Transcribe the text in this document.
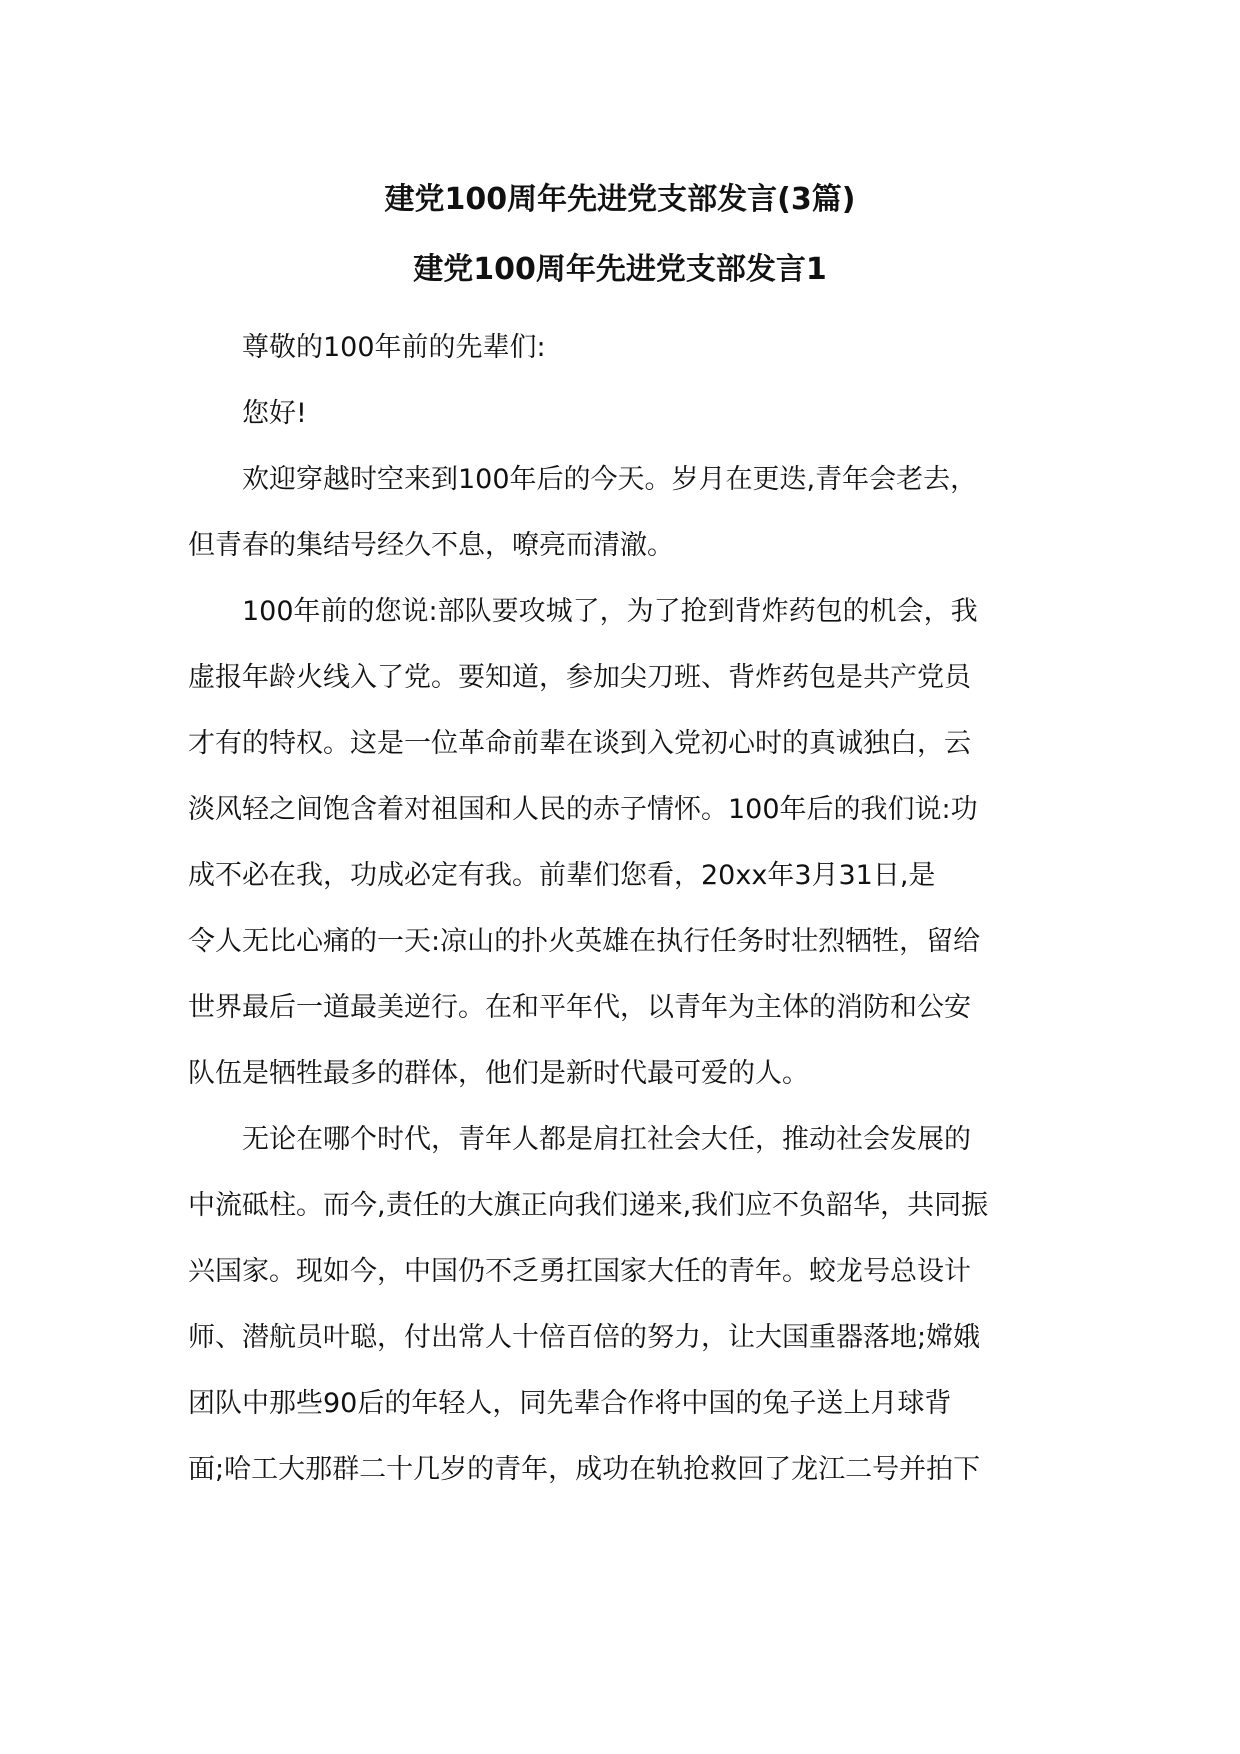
建党100周年先进党支部发言(3篇)
建党100周年先进党支部发言1

尊敬的100年前的先辈们:

您好!

欢迎穿越时空来到100年后的今天。岁月在更迭,青年会老去，
但青春的集结号经久不息，嘹亮而清澈。

100年前的您说:部队要攻城了，为了抢到背炸药包的机会，我
虚报年龄火线入了党。要知道，参加尖刀班、背炸药包是共产党员
才有的特权。这是一位革命前辈在谈到入党初心时的真诚独白，云
淡风轻之间饱含着对祖国和人民的赤子情怀。100年后的我们说:功
成不必在我，功成必定有我。前辈们您看，20xx年3月31日,是
令人无比心痛的一天:凉山的扑火英雄在执行任务时壮烈牺牲，留给
世界最后一道最美逆行。在和平年代，以青年为主体的消防和公安
队伍是牺牲最多的群体，他们是新时代最可爱的人。

无论在哪个时代，青年人都是肩扛社会大任，推动社会发展的
中流砥柱。而今,责任的大旗正向我们递来,我们应不负韶华，共同振
兴国家。现如今，中国仍不乏勇扛国家大任的青年。蛟龙号总设计
师、潜航员叶聪，付出常人十倍百倍的努力，让大国重器落地;嫦娥
团队中那些90后的年轻人，同先辈合作将中国的兔子送上月球背
面;哈工大那群二十几岁的青年，成功在轨抢救回了龙江二号并拍下
